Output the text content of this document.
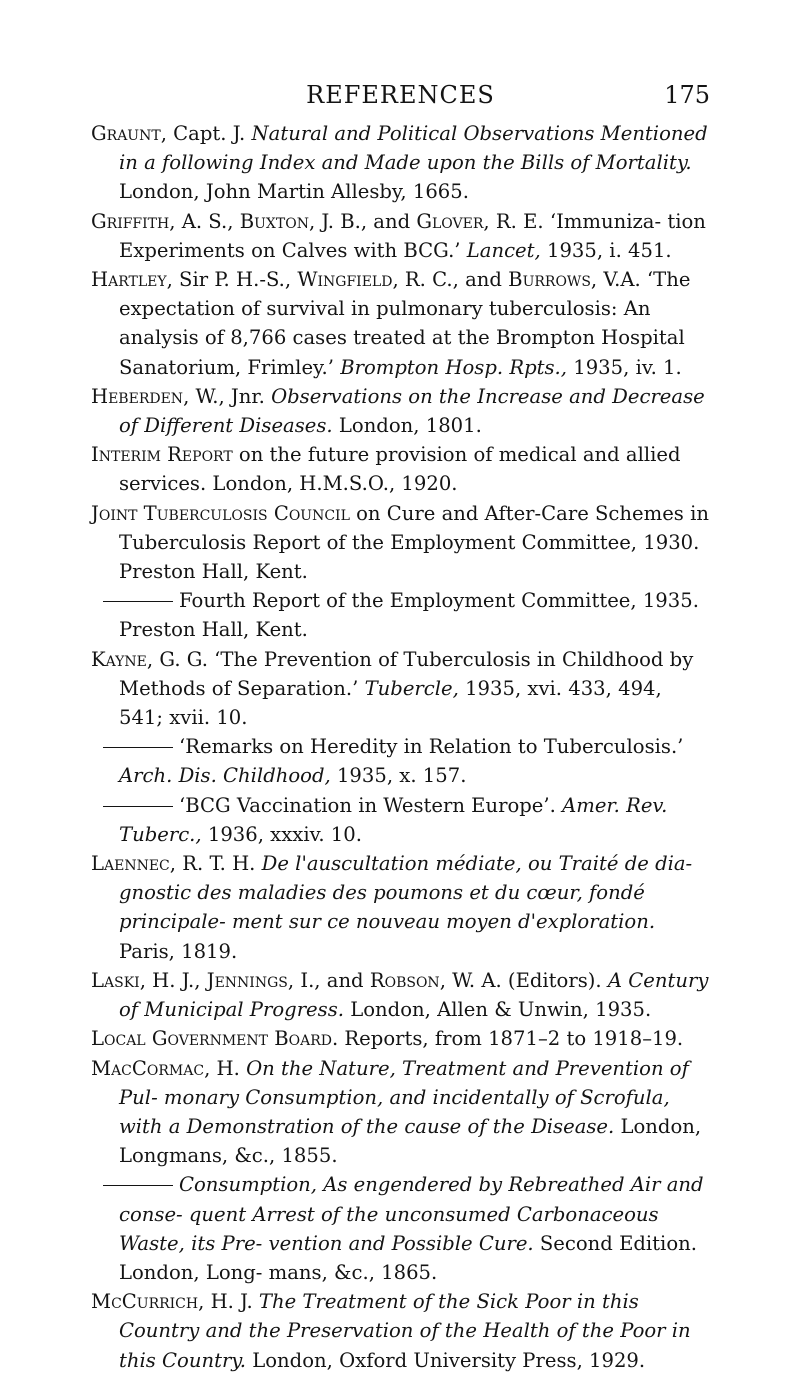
REFERENCES	175
Graunt, Capt. J. Natural and Political Observations Mentioned in a following Index and Made upon the Bills of Mortality. London, John Martin Allesby, 1665.
Griffith, A. S., Buxton, J. B., and Glover, R. E. ‘Immuniza- tion Experiments on Calves with BCG.’ Lancet, 1935, i. 451.
Hartley, Sir P. H.-S., Wingfield, R. C., and Burrows, V.A. ‘The expectation of survival in pulmonary tuberculosis: An analysis of 8,766 cases treated at the Brompton Hospital Sanatorium, Frimley.’ Brompton Hosp. Rpts., 1935, iv. 1.
Heberden, W., Jnr. Observations on the Increase and Decrease of Different Diseases. London, 1801.
Interim Report on the future provision of medical and allied services. London, H.M.S.O., 1920.
Joint Tuberculosis Council on Cure and After-Care Schemes in Tuberculosis Report of the Employment Committee, 1930. Preston Hall, Kent.
Fourth Report of the Employment Committee, 1935. Preston Hall, Kent.
Kayne, G. G. ‘The Prevention of Tuberculosis in Childhood by Methods of Separation.’ Tubercle, 1935, xvi. 433, 494, 541; xvii. 10.
‘Remarks on Heredity in Relation to Tuberculosis.’ Arch. Dis. Childhood, 1935, x. 157.
‘BCG Vaccination in Western Europe’. Amer. Rev. Tuberc., 1936, xxxiv. 10.
Laennec, R. T. H. De l'auscultation médiate, ou Traité de dia- gnostic des maladies des poumons et du cœur, fondé principale- ment sur ce nouveau moyen d'exploration. Paris, 1819.
Laski, H. J., Jennings, I., and Robson, W. A. (Editors). A Century of Municipal Progress. London, Allen & Unwin, 1935.
Local Government Board. Reports, from 1871–2 to 1918–19.
MacCormac, H. On the Nature, Treatment and Prevention of Pul- monary Consumption, and incidentally of Scrofula, with a Demonstration of the cause of the Disease. London, Longmans, &c., 1855.
Consumption, As engendered by Rebreathed Air and conse- quent Arrest of the unconsumed Carbonaceous Waste, its Pre- vention and Possible Cure. Second Edition. London, Long- mans, &c., 1865.
McCurrich, H. J. The Treatment of the Sick Poor in this Country and the Preservation of the Health of the Poor in this Country. London, Oxford University Press, 1929.
